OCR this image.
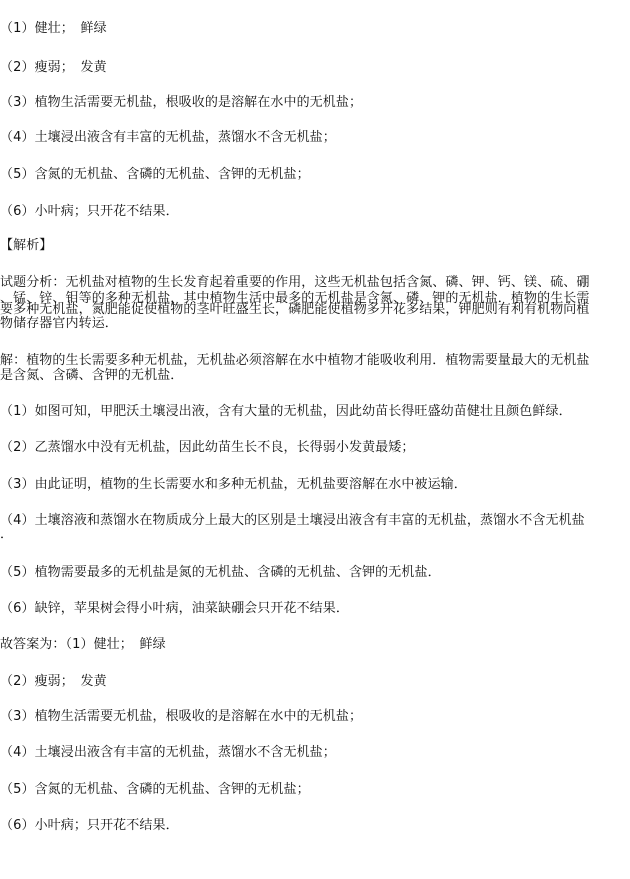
（1）健壮；　鲜绿
（2）瘦弱；　发黄
（3）植物生活需要无机盐，根吸收的是溶解在水中的无机盐；
（4）土壤浸出液含有丰富的无机盐，蒸馏水不含无机盐；
（5）含氮的无机盐、含磷的无机盐、含钾的无机盐；
（6）小叶病；只开花不结果．
【解析】
试题分析：无机盐对植物的生长发育起着重要的作用，这些无机盐包括含氮、磷、钾、钙、镁、硫、硼
、锰、锌、钼等的多种无机盐，其中植物生活中最多的无机盐是含氮、磷、钾的无机盐．植物的生长需
要多种无机盐，氮肥能促使植物的茎叶旺盛生长，磷肥能使植物多开花多结果，钾肥则有利有机物向植
物储存器官内转运．
解：植物的生长需要多种无机盐，无机盐必须溶解在水中植物才能吸收利用．植物需要量最大的无机盐
是含氮、含磷、含钾的无机盐．
（1）如图可知，甲肥沃土壤浸出液，含有大量的无机盐，因此幼苗长得旺盛幼苗健壮且颜色鲜绿．
（2）乙蒸馏水中没有无机盐，因此幼苗生长不良，长得弱小发黄最矮；
（3）由此证明，植物的生长需要水和多种无机盐，无机盐要溶解在水中被运输．
（4）土壤溶液和蒸馏水在物质成分上最大的区别是土壤浸出液含有丰富的无机盐，蒸馏水不含无机盐
．
（5）植物需要最多的无机盐是氮的无机盐、含磷的无机盐、含钾的无机盐．
（6）缺锌，苹果树会得小叶病，油菜缺硼会只开花不结果．
故答案为：（1）健壮；　鲜绿
（2）瘦弱；　发黄
（3）植物生活需要无机盐，根吸收的是溶解在水中的无机盐；
（4）土壤浸出液含有丰富的无机盐，蒸馏水不含无机盐；
（5）含氮的无机盐、含磷的无机盐、含钾的无机盐；
（6）小叶病；只开花不结果．
